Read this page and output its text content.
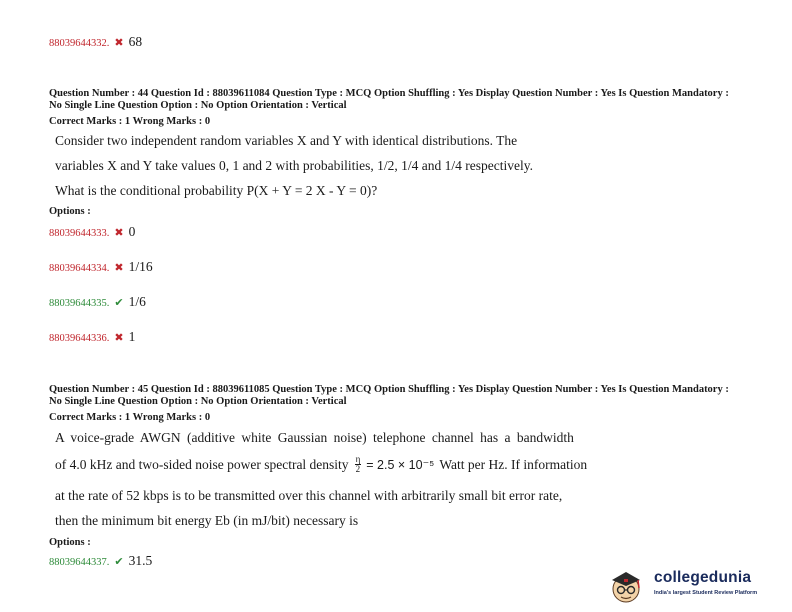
88039644332. ✖ 68
Question Number : 44 Question Id : 88039611084 Question Type : MCQ Option Shuffling : Yes Display Question Number : Yes Is Question Mandatory : No Single Line Question Option : No Option Orientation : Vertical
Correct Marks : 1 Wrong Marks : 0
Consider two independent random variables X and Y with identical distributions. The
variables X and Y take values 0, 1 and 2 with probabilities, 1/2, 1/4 and 1/4 respectively.
What is the conditional probability P(X + Y = 2 X - Y = 0)?
Options :
88039644333. ✖ 0
88039644334. ✖ 1/16
88039644335. ✔ 1/6
88039644336. ✖ 1
Question Number : 45 Question Id : 88039611085 Question Type : MCQ Option Shuffling : Yes Display Question Number : Yes Is Question Mandatory : No Single Line Question Option : No Option Orientation : Vertical
Correct Marks : 1 Wrong Marks : 0
A voice-grade AWGN (additive white Gaussian noise) telephone channel has a bandwidth
of 4.0 kHz and two-sided noise power spectral density $\frac{\eta}{2} = 2.5 \times 10^{-5}$ Watt per Hz. If information
at the rate of 52 kbps is to be transmitted over this channel with arbitrarily small bit error rate,
then the minimum bit energy Eb (in mJ/bit) necessary is
Options :
88039644337. ✔ 31.5
collegedunia
India's largest Student Review Platform
